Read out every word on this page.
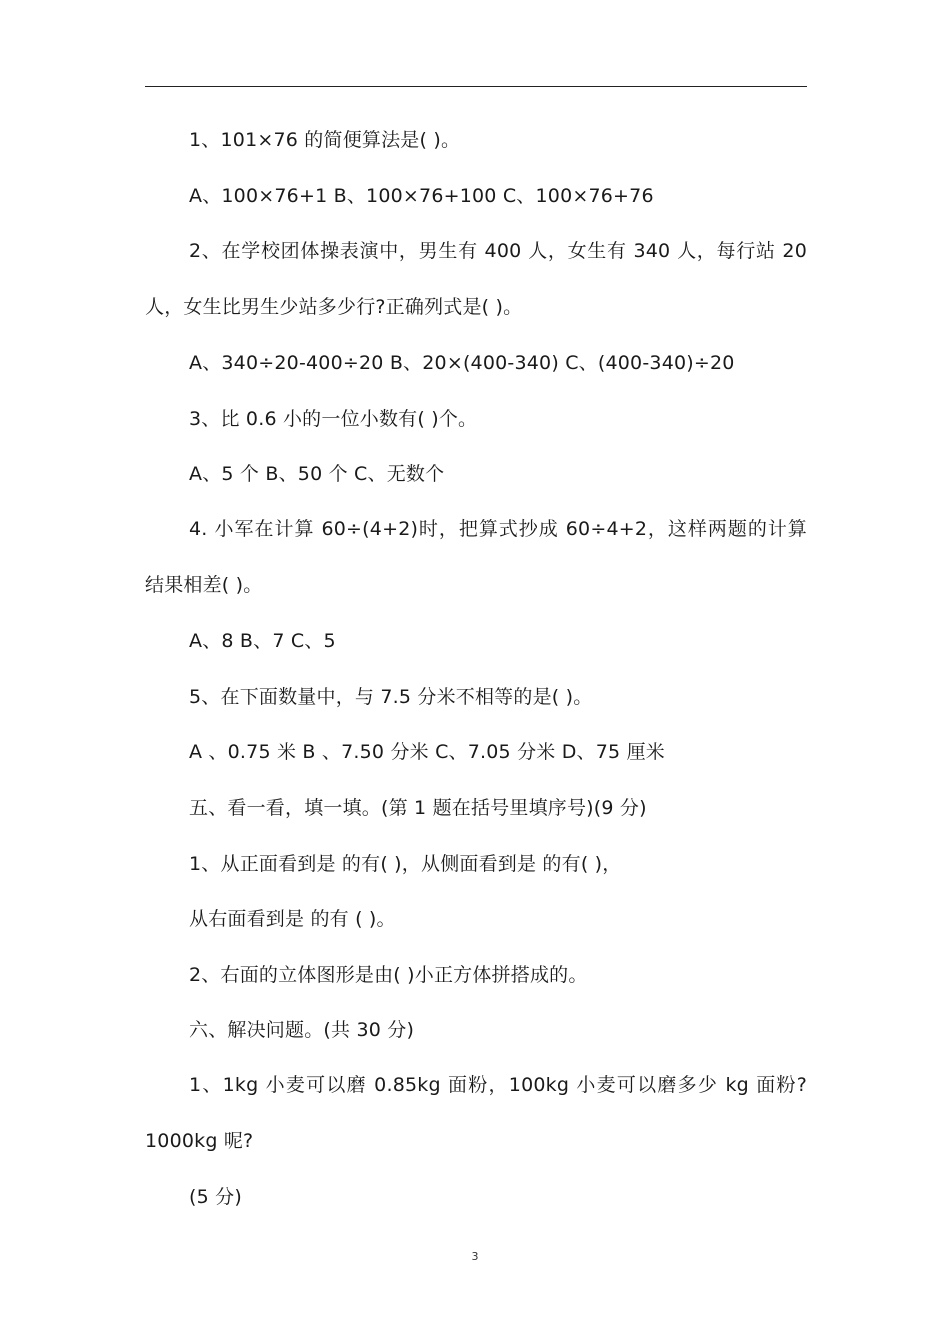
1、101×76 的简便算法是( )。
A、100×76+1 B、100×76+100 C、100×76+76
2、在学校团体操表演中，男生有 400 人，女生有 340 人，每行站 20 人，女生比男生少站多少行?正确列式是( )。
A、340÷20-400÷20 B、20×(400-340) C、(400-340)÷20
3、比 0.6 小的一位小数有( )个。
A、5 个 B、50 个 C、无数个
4. 小军在计算 60÷(4+2)时，把算式抄成 60÷4+2，这样两题的计算结果相差( )。
A、8 B、7 C、5
5、在下面数量中，与 7.5 分米不相等的是( )。
A 、0.75 米 B 、7.50 分米 C、7.05 分米 D、75 厘米
五、看一看，填一填。(第 1 题在括号里填序号)(9 分)
1、从正面看到是 的有( )，从侧面看到是 的有( )，
从右面看到是 的有 ( )。
2、右面的立体图形是由( )小正方体拼搭成的。
六、解决问题。(共 30 分)
1、1kg 小麦可以磨 0.85kg 面粉，100kg 小麦可以磨多少 kg 面粉?1000kg 呢?
(5 分)
3
